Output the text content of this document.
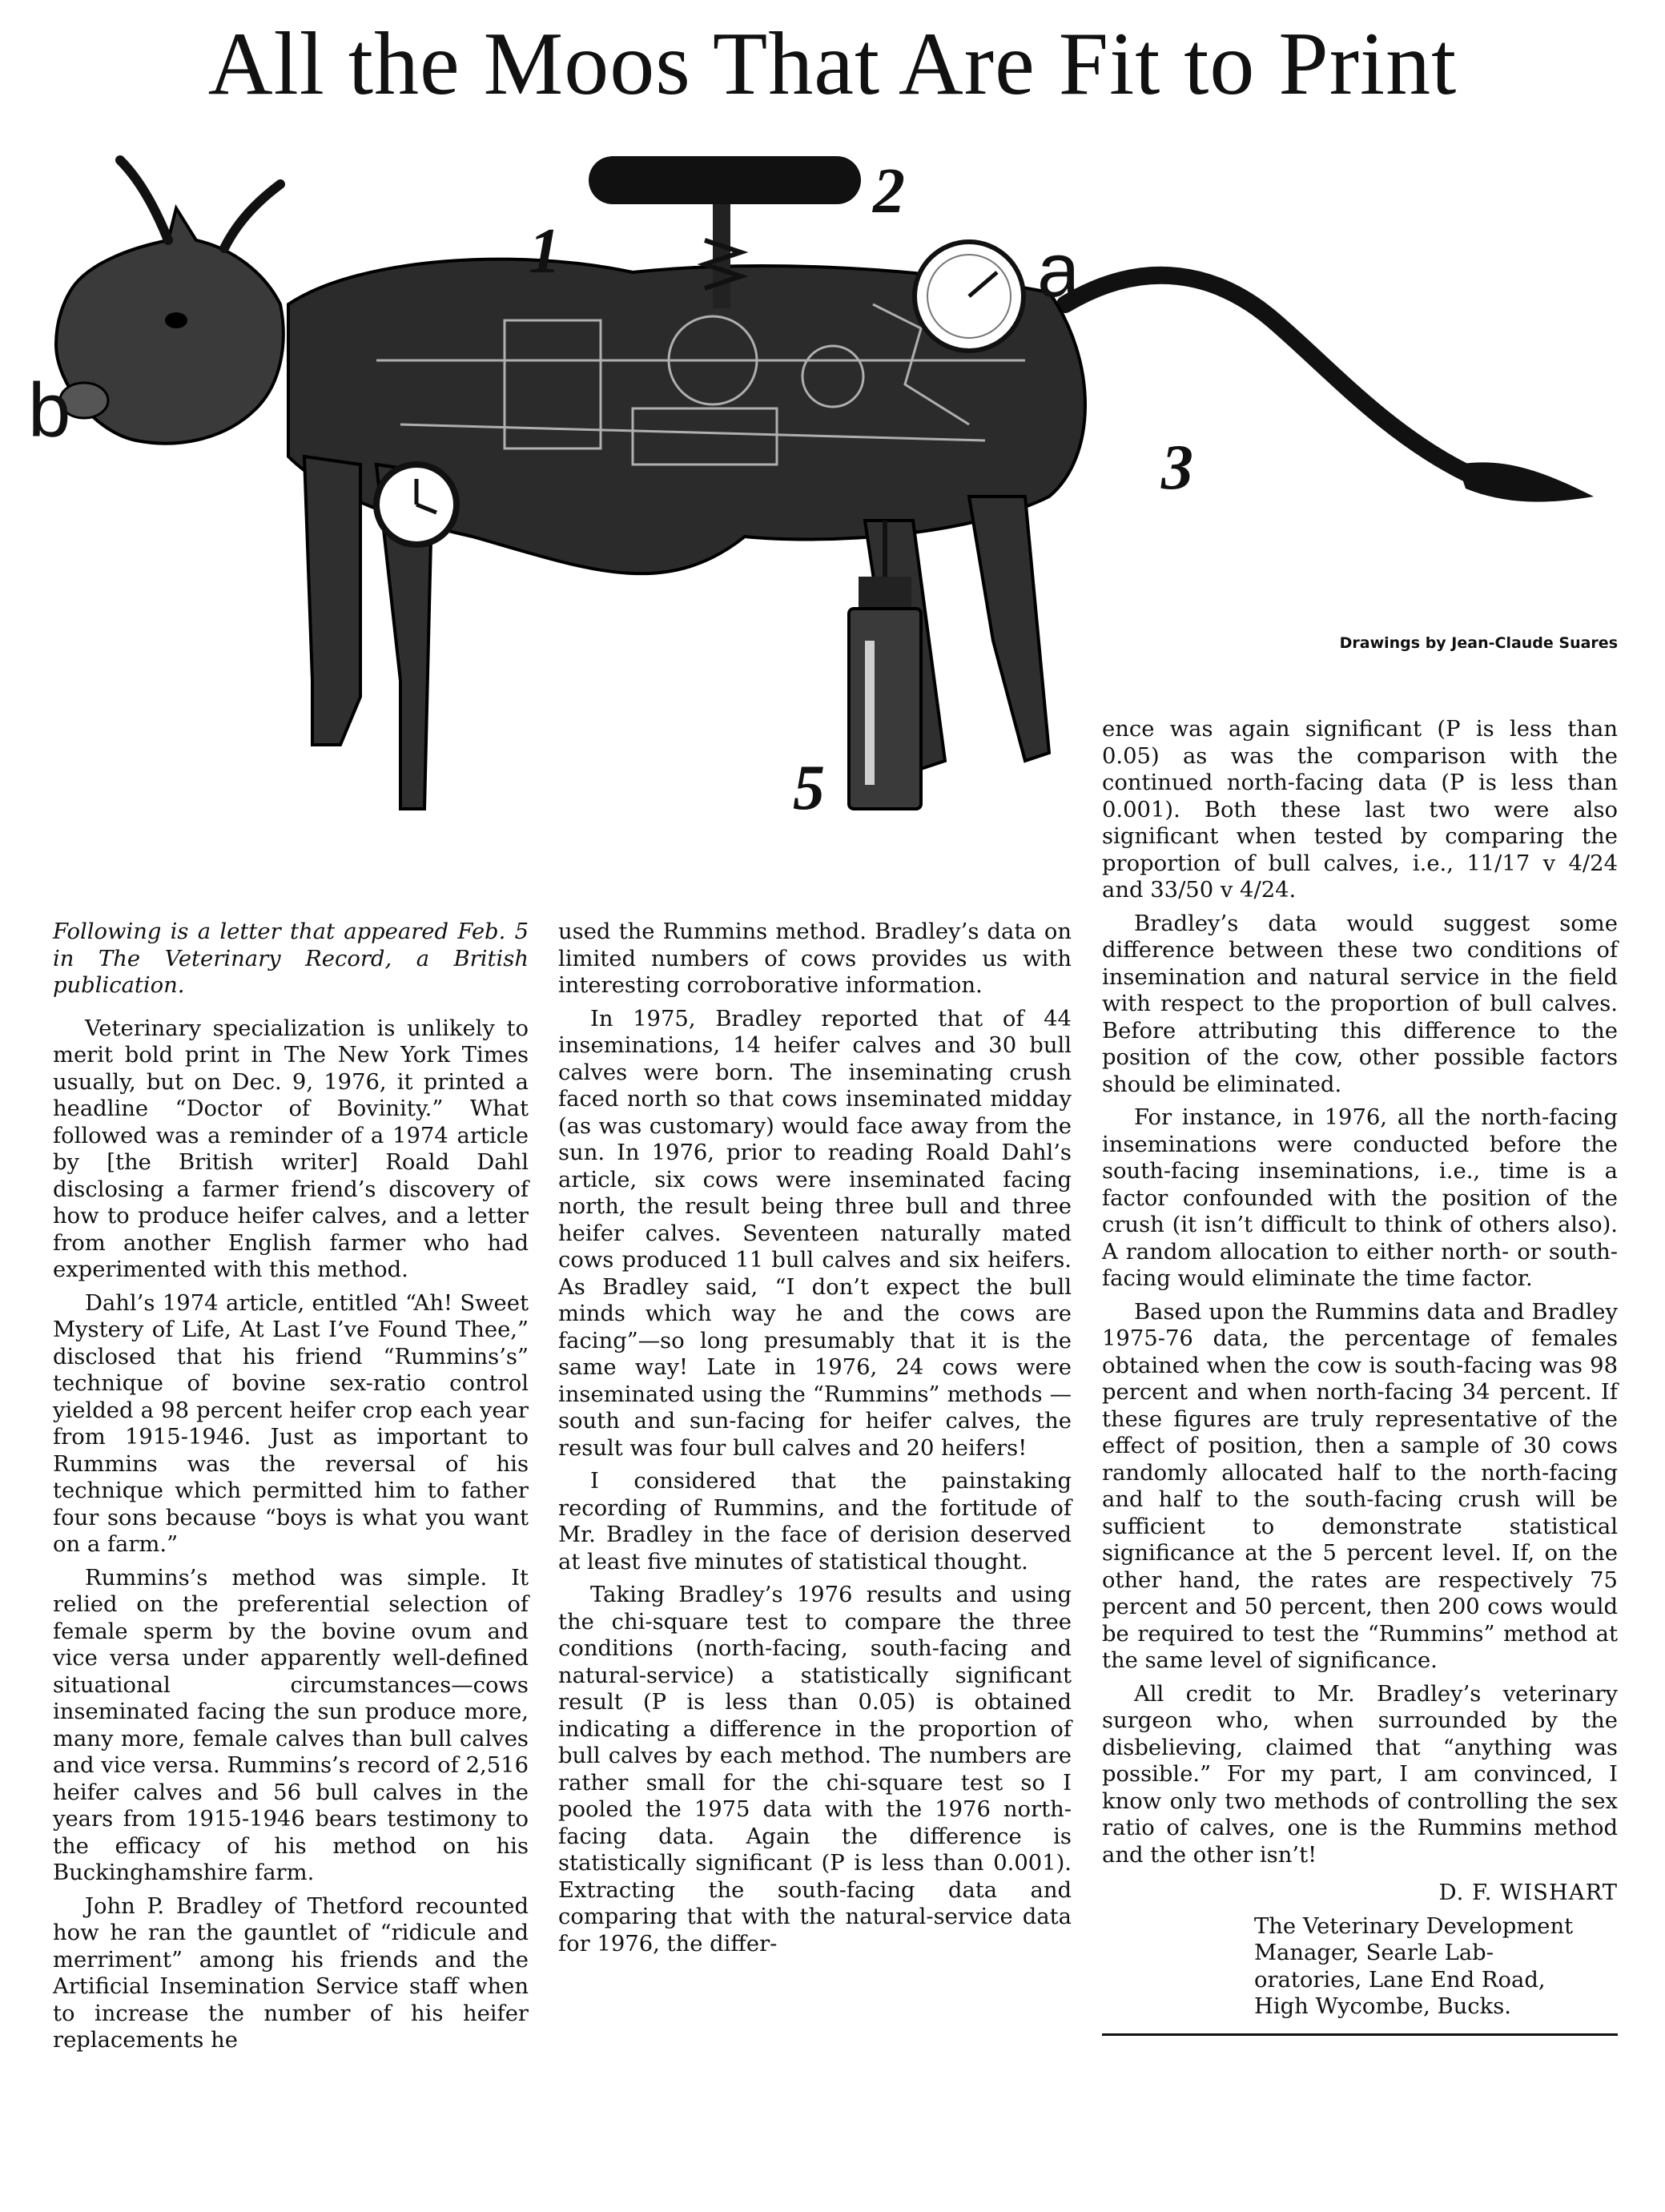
All the Moos That Are Fit to Print
1
2
3
5
a
b
Drawings by Jean-Claude Suares

Following is a letter that appeared Feb. 5 in The Veterinary Record, a British publication.

Veterinary specialization is unlikely to merit bold print in The New York Times usually, but on Dec. 9, 1976, it printed a headline “Doctor of Bovinity.” What followed was a reminder of a 1974 article by [the British writer] Roald Dahl disclosing a farmer friend’s discovery of how to produce heifer calves, and a letter from another English farmer who had experimented with this method.

Dahl’s 1974 article, entitled “Ah! Sweet Mystery of Life, At Last I’ve Found Thee,” disclosed that his friend “Rummins’s” technique of bovine sex-ratio control yielded a 98 percent heifer crop each year from 1915-1946. Just as important to Rummins was the reversal of his technique which permitted him to father four sons because “boys is what you want on a farm.”

Rummins’s method was simple. It relied on the preferential selection of female sperm by the bovine ovum and vice versa under apparently well-defined situational circumstances—cows inseminated facing the sun produce more, many more, female calves than bull calves and vice versa. Rummins’s record of 2,516 heifer calves and 56 bull calves in the years from 1915-1946 bears testimony to the efficacy of his method on his Buckinghamshire farm.

John P. Bradley of Thetford recounted how he ran the gauntlet of “ridicule and merriment” among his friends and the Artificial Insemination Service staff when to increase the number of his heifer replacements he

used the Rummins method. Bradley’s data on limited numbers of cows provides us with interesting corroborative information.

In 1975, Bradley reported that of 44 inseminations, 14 heifer calves and 30 bull calves were born. The inseminating crush faced north so that cows inseminated midday (as was customary) would face away from the sun. In 1976, prior to reading Roald Dahl’s article, six cows were inseminated facing north, the result being three bull and three heifer calves. Seventeen naturally mated cows produced 11 bull calves and six heifers. As Bradley said, “I don’t expect the bull minds which way he and the cows are facing”—so long presumably that it is the same way! Late in 1976, 24 cows were inseminated using the “Rummins” methods — south and sun-facing for heifer calves, the result was four bull calves and 20 heifers!

I considered that the painstaking recording of Rummins, and the fortitude of Mr. Bradley in the face of derision deserved at least five minutes of statistical thought.

Taking Bradley’s 1976 results and using the chi-square test to compare the three conditions (north-facing, south-facing and natural-service) a statistically significant result (P is less than 0.05) is obtained indicating a difference in the proportion of bull calves by each method. The numbers are rather small for the chi-square test so I pooled the 1975 data with the 1976 north-facing data. Again the difference is statistically significant (P is less than 0.001). Extracting the south-facing data and comparing that with the natural-service data for 1976, the differ-

ence was again significant (P is less than 0.05) as was the comparison with the continued north-facing data (P is less than 0.001). Both these last two were also significant when tested by comparing the proportion of bull calves, i.e., 11/17 v 4/24 and 33/50 v 4/24.

Bradley’s data would suggest some difference between these two conditions of insemination and natural service in the field with respect to the proportion of bull calves. Before attributing this difference to the position of the cow, other possible factors should be eliminated.

For instance, in 1976, all the north-facing inseminations were conducted before the south-facing inseminations, i.e., time is a factor confounded with the position of the crush (it isn’t difficult to think of others also). A random allocation to either north- or south-facing would eliminate the time factor.

Based upon the Rummins data and Bradley 1975-76 data, the percentage of females obtained when the cow is south-facing was 98 percent and when north-facing 34 percent. If these figures are truly representative of the effect of position, then a sample of 30 cows randomly allocated half to the north-facing and half to the south-facing crush will be sufficient to demonstrate statistical significance at the 5 percent level. If, on the other hand, the rates are respectively 75 percent and 50 percent, then 200 cows would be required to test the “Rummins” method at the same level of significance.

All credit to Mr. Bradley’s veterinary surgeon who, when surrounded by the disbelieving, claimed that “anything was possible.” For my part, I am convinced, I know only two methods of controlling the sex ratio of calves, one is the Rummins method and the other isn’t!

D. F. WISHART
The Veterinary Development Manager, Searle Lab-
oratories, Lane End Road,
High Wycombe, Bucks.
